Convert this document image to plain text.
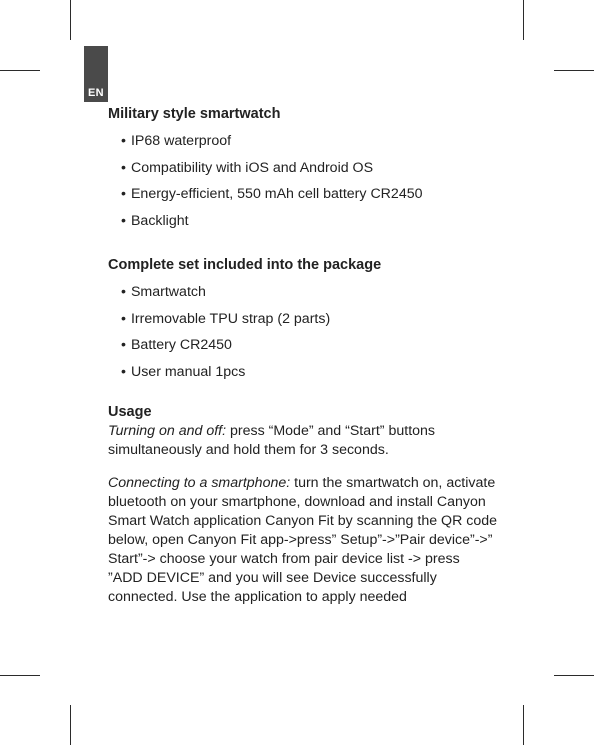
EN
Military style smartwatch
• IP68 waterproof
• Compatibility with iOS and Android OS
• Energy-efficient, 550 mAh cell battery CR2450
• Backlight
Complete set included into the package
• Smartwatch
• Irremovable TPU strap (2 parts)
• Battery CR2450
• User manual 1pcs
Usage

Turning on and off: press “Mode” and “Start” buttons simultaneously and hold them for 3 seconds.

Connecting to a smartphone: turn the smartwatch on, activate bluetooth on your smartphone, download and install Canyon Smart Watch application Canyon Fit by scanning the QR code below, open Canyon Fit app->press” Setup”->”Pair device”->” Start”-> choose your watch from pair device list -> press ”ADD DEVICE” and you will see Device successfully connected. Use the application to apply needed
